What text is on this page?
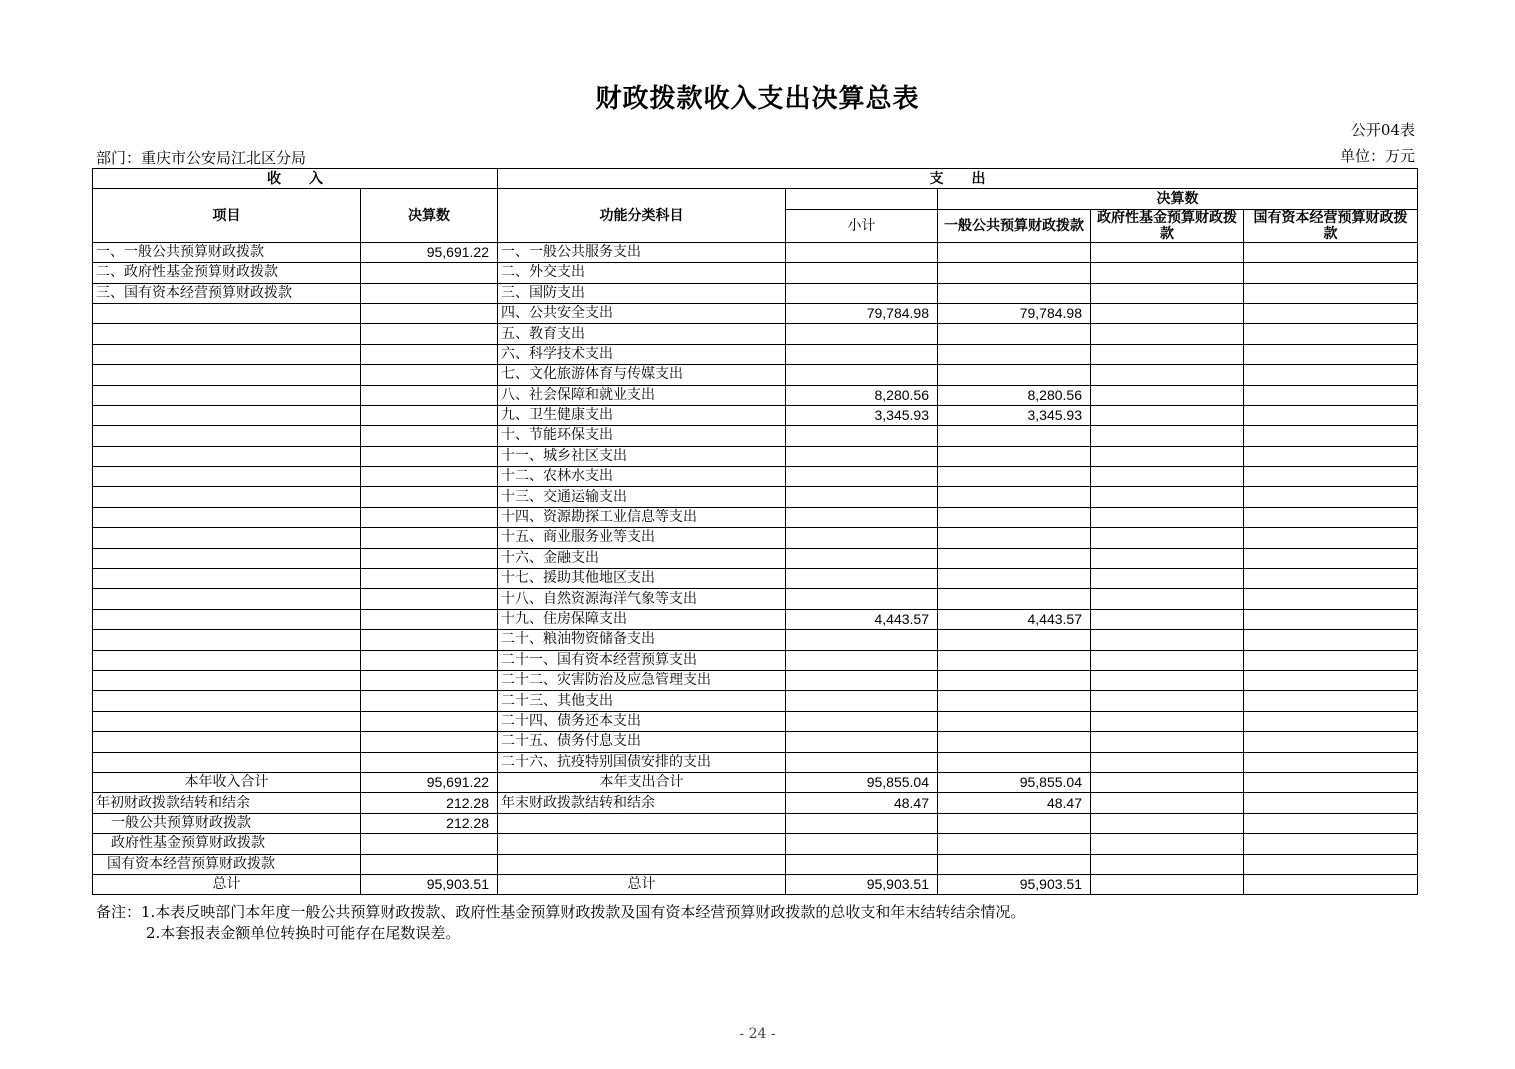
财政拨款收入支出决算总表
公开04表
部门：重庆市公安局江北区分局	单位：万元
收　　入		支　　出				
项目	决算数	功能分类科目		决算数		
			小计	一般公共预算财政拨款	政府性基金预算财政拨款	国有资本经营预算财政拨款

一、一般公共预算财政拨款	95,691.22	一、一般公共服务支出				
二、政府性基金预算财政拨款		二、外交支出				
三、国有资本经营预算财政拨款		三、国防支出				
		四、公共安全支出	79,784.98	79,784.98		
		五、教育支出				
		六、科学技术支出				
		七、文化旅游体育与传媒支出				
		八、社会保障和就业支出	8,280.56	8,280.56		
		九、卫生健康支出	3,345.93	3,345.93		
		十、节能环保支出				
		十一、城乡社区支出				
		十二、农林水支出				
		十三、交通运输支出				
		十四、资源勘探工业信息等支出				
		十五、商业服务业等支出				
		十六、金融支出				
		十七、援助其他地区支出				
		十八、自然资源海洋气象等支出				
		十九、住房保障支出	4,443.57	4,443.57		
		二十、粮油物资储备支出				
		二十一、国有资本经营预算支出				
		二十二、灾害防治及应急管理支出				
		二十三、其他支出				
		二十四、债务还本支出				
		二十五、债务付息支出				
		二十六、抗疫特别国债安排的支出				
本年收入合计	95,691.22	本年支出合计	95,855.04	95,855.04		
年初财政拨款结转和结余	212.28	年末财政拨款结转和结余	48.47	48.47		
一般公共预算财政拨款	212.28					
政府性基金预算财政拨款						
国有资本经营预算财政拨款						
总计	95,903.51	总计	95,903.51	95,903.51		
备注：1.本表反映部门本年度一般公共预算财政拨款、政府性基金预算财政拨款及国有资本经营预算财政拨款的总收支和年末结转结余情况。
2.本套报表金额单位转换时可能存在尾数误差。
- 24 -
